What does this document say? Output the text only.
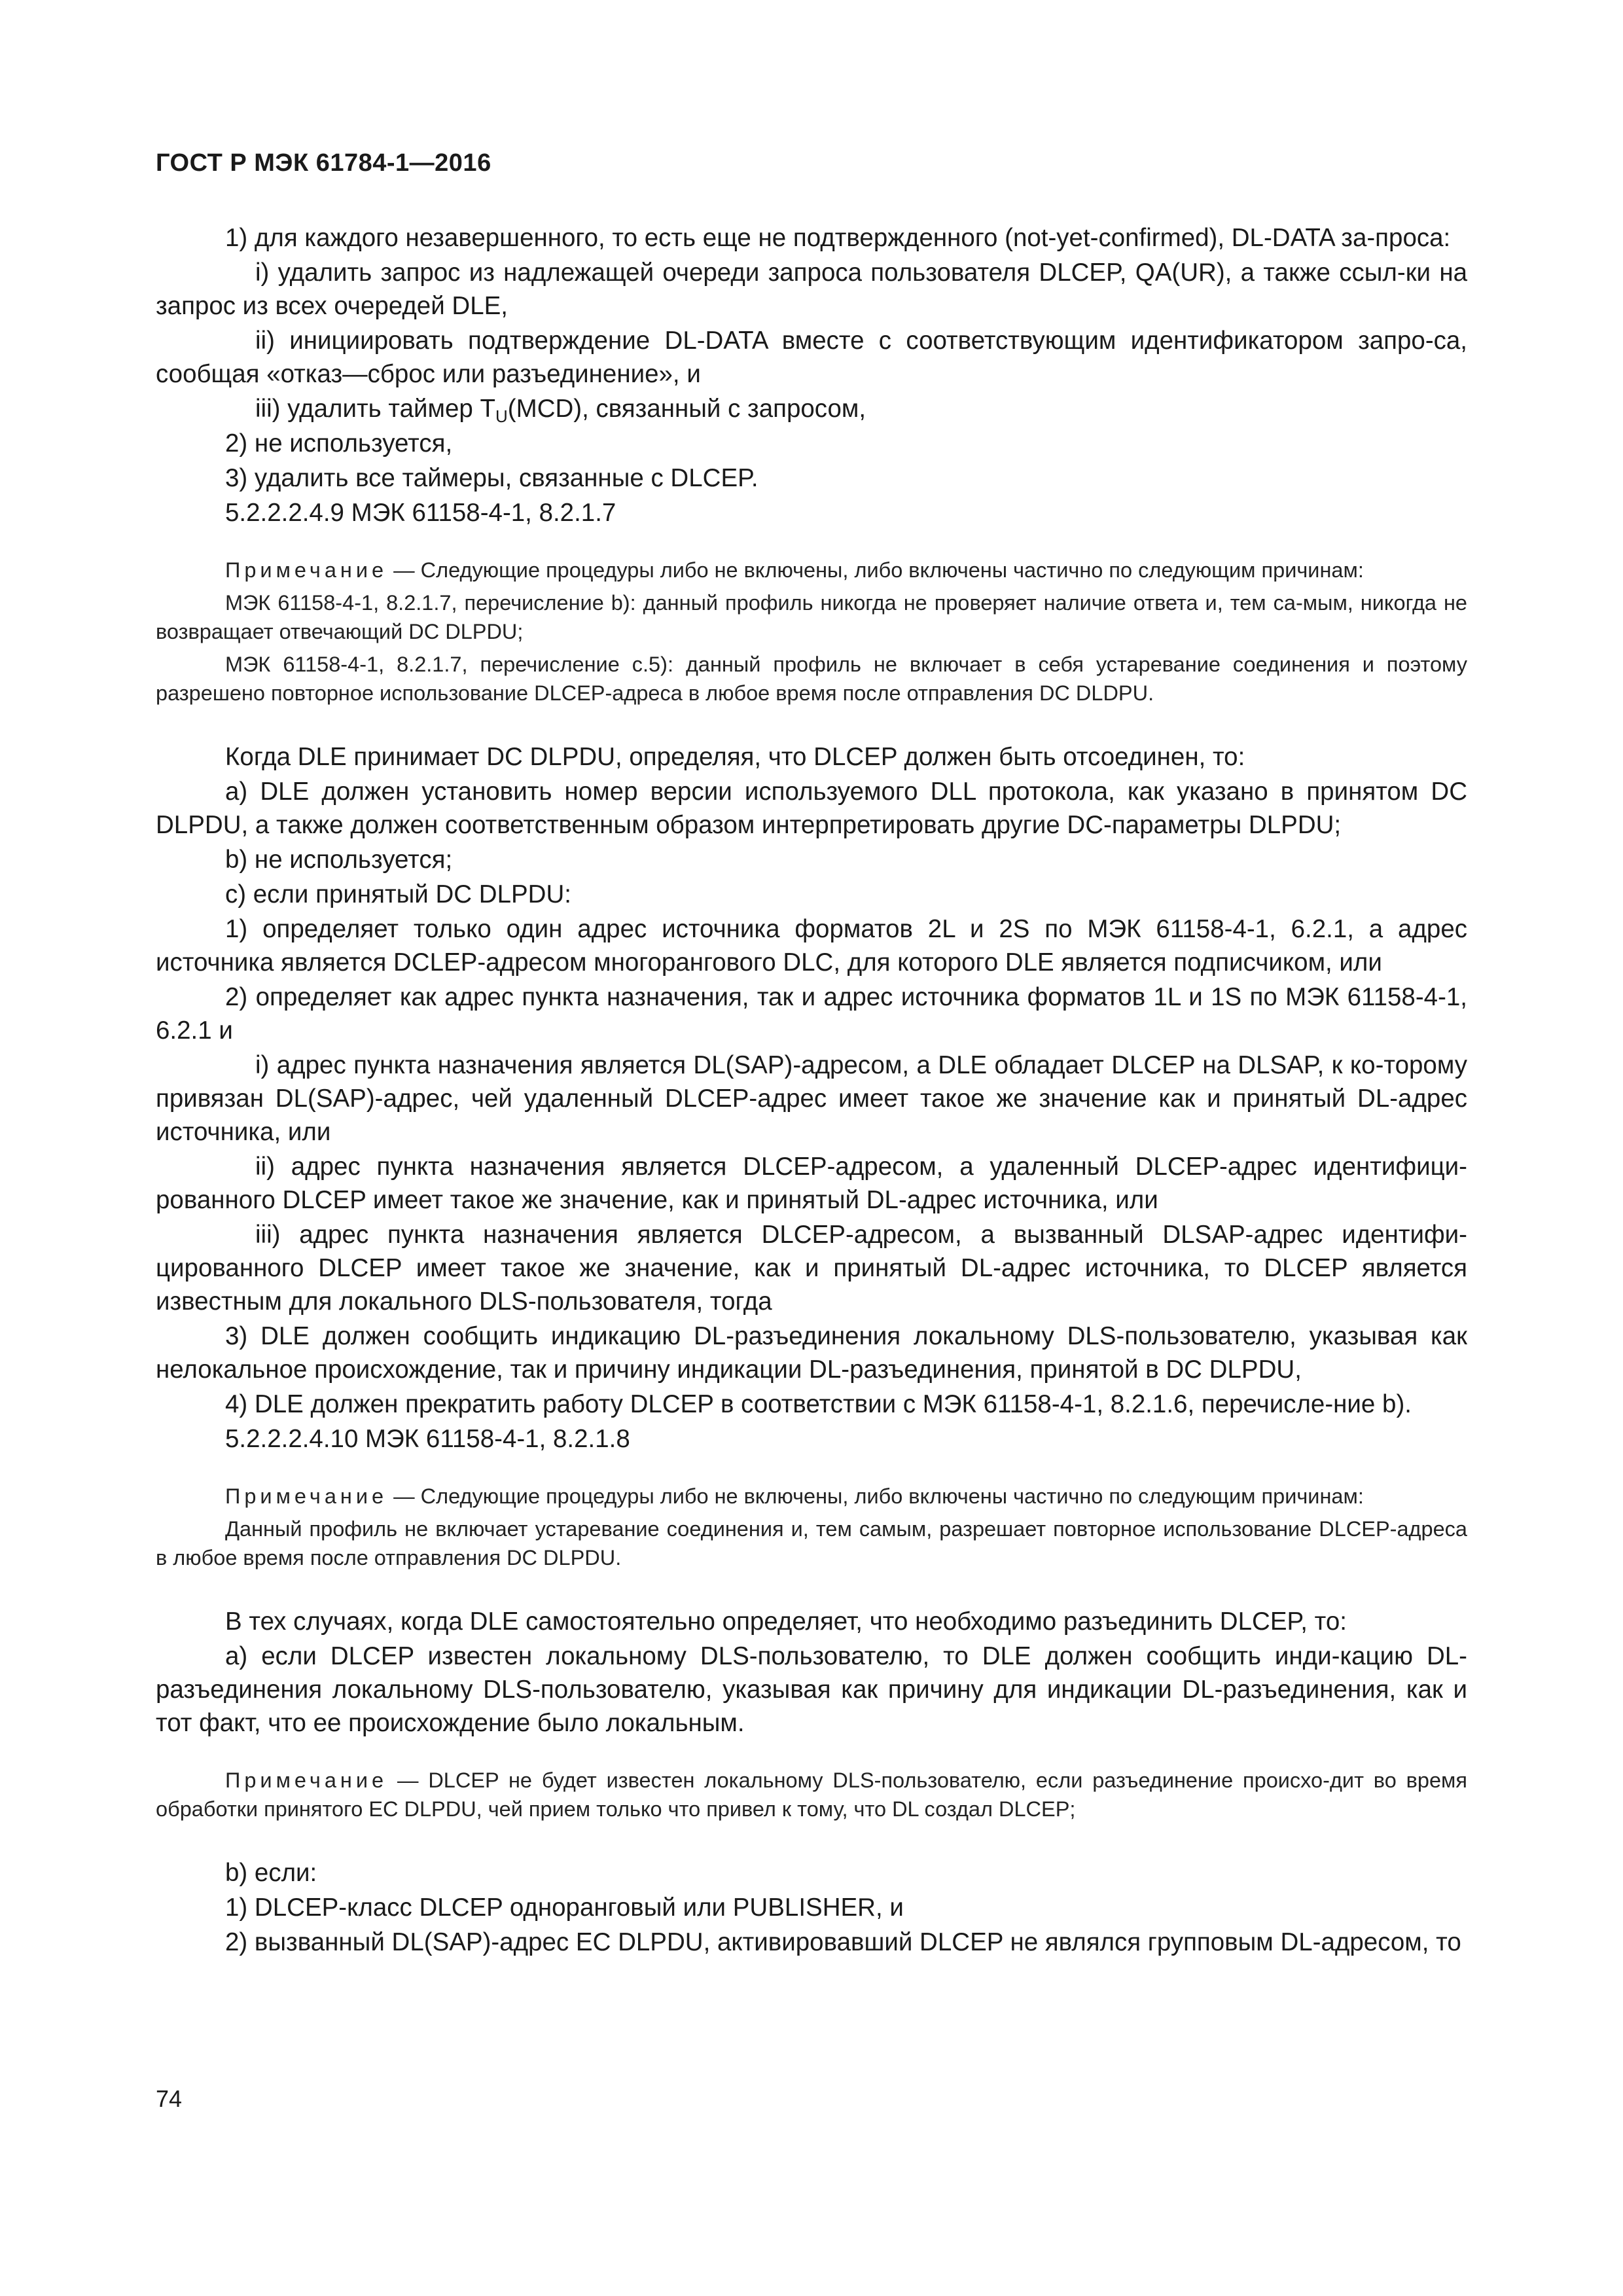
ГОСТ Р МЭК 61784-1—2016
1) для каждого незавершенного, то есть еще не подтвержденного (not-yet-confirmed), DL-DATA за-проса:
i) удалить запрос из надлежащей очереди запроса пользователя DLCEP, QA(UR), а также ссыл-ки на запрос из всех очередей DLE,
ii) инициировать подтверждение DL-DATA вместе с соответствующим идентификатором запро-са, сообщая «отказ—сброс или разъединение», и
iii) удалить таймер $T_U(MCD)$, связанный с запросом,
2) не используется,
3) удалить все таймеры, связанные с DLCEP.
5.2.2.2.4.9 МЭК 61158-4-1, 8.2.1.7
Примечание — Следующие процедуры либо не включены, либо включены частично по следующим причинам:
МЭК 61158-4-1, 8.2.1.7, перечисление b): данный профиль никогда не проверяет наличие ответа и, тем са-мым, никогда не возвращает отвечающий DC DLPDU;
МЭК 61158-4-1, 8.2.1.7, перечисление c.5): данный профиль не включает в себя устаревание соединения и поэтому разрешено повторное использование DLCEP-адреса в любое время после отправления DC DLDPU.
Когда DLE принимает DC DLPDU, определяя, что DLCEP должен быть отсоединен, то:
a) DLE должен установить номер версии используемого DLL протокола, как указано в принятом DC DLPDU, а также должен соответственным образом интерпретировать другие DC-параметры DLPDU;
b) не используется;
c) если принятый DC DLPDU:
1) определяет только один адрес источника форматов 2L и 2S по МЭК 61158-4-1, 6.2.1, а адрес источника является DCLEP-адресом многорангового DLC, для которого DLE является подписчиком, или
2) определяет как адрес пункта назначения, так и адрес источника форматов 1L и 1S по МЭК 61158-4-1, 6.2.1 и
i) адрес пункта назначения является DL(SAP)-адресом, а DLE обладает DLCEP на DLSAP, к ко-торому привязан DL(SAP)-адрес, чей удаленный DLCEP-адрес имеет такое же значение как и принятый DL-адрес источника, или
ii) адрес пункта назначения является DLCEP-адресом, а удаленный DLCEP-адрес идентифици-рованного DLCEP имеет такое же значение, как и принятый DL-адрес источника, или
iii) адрес пункта назначения является DLCEP-адресом, а вызванный DLSAP-адрес идентифи-цированного DLCEP имеет такое же значение, как и принятый DL-адрес источника, то DLCEP является известным для локального DLS-пользователя, тогда
3) DLE должен сообщить индикацию DL-разъединения локальному DLS-пользователю, указывая как нелокальное происхождение, так и причину индикации DL-разъединения, принятой в DC DLPDU,
4) DLE должен прекратить работу DLCEP в соответствии с МЭК 61158-4-1, 8.2.1.6, перечисле-ние b).
5.2.2.2.4.10 МЭК 61158-4-1, 8.2.1.8
Примечание — Следующие процедуры либо не включены, либо включены частично по следующим причинам:
Данный профиль не включает устаревание соединения и, тем самым, разрешает повторное использование DLCEP-адреса в любое время после отправления DC DLPDU.
В тех случаях, когда DLE самостоятельно определяет, что необходимо разъединить DLCEP, то:
a) если DLCEP известен локальному DLS-пользователю, то DLE должен сообщить инди-кацию DL-разъединения локальному DLS-пользователю, указывая как причину для индикации DL-разъединения, как и тот факт, что ее происхождение было локальным.
Примечание — DLCEP не будет известен локальному DLS-пользователю, если разъединение происхо-дит во время обработки принятого EC DLPDU, чей прием только что привел к тому, что DL создал DLCEP;
b) если:
1) DLCEP-класс DLCEP одноранговый или PUBLISHER, и
2) вызванный DL(SAP)-адрес EC DLPDU, активировавший DLCEP не являлся групповым DL-адресом, то
74
